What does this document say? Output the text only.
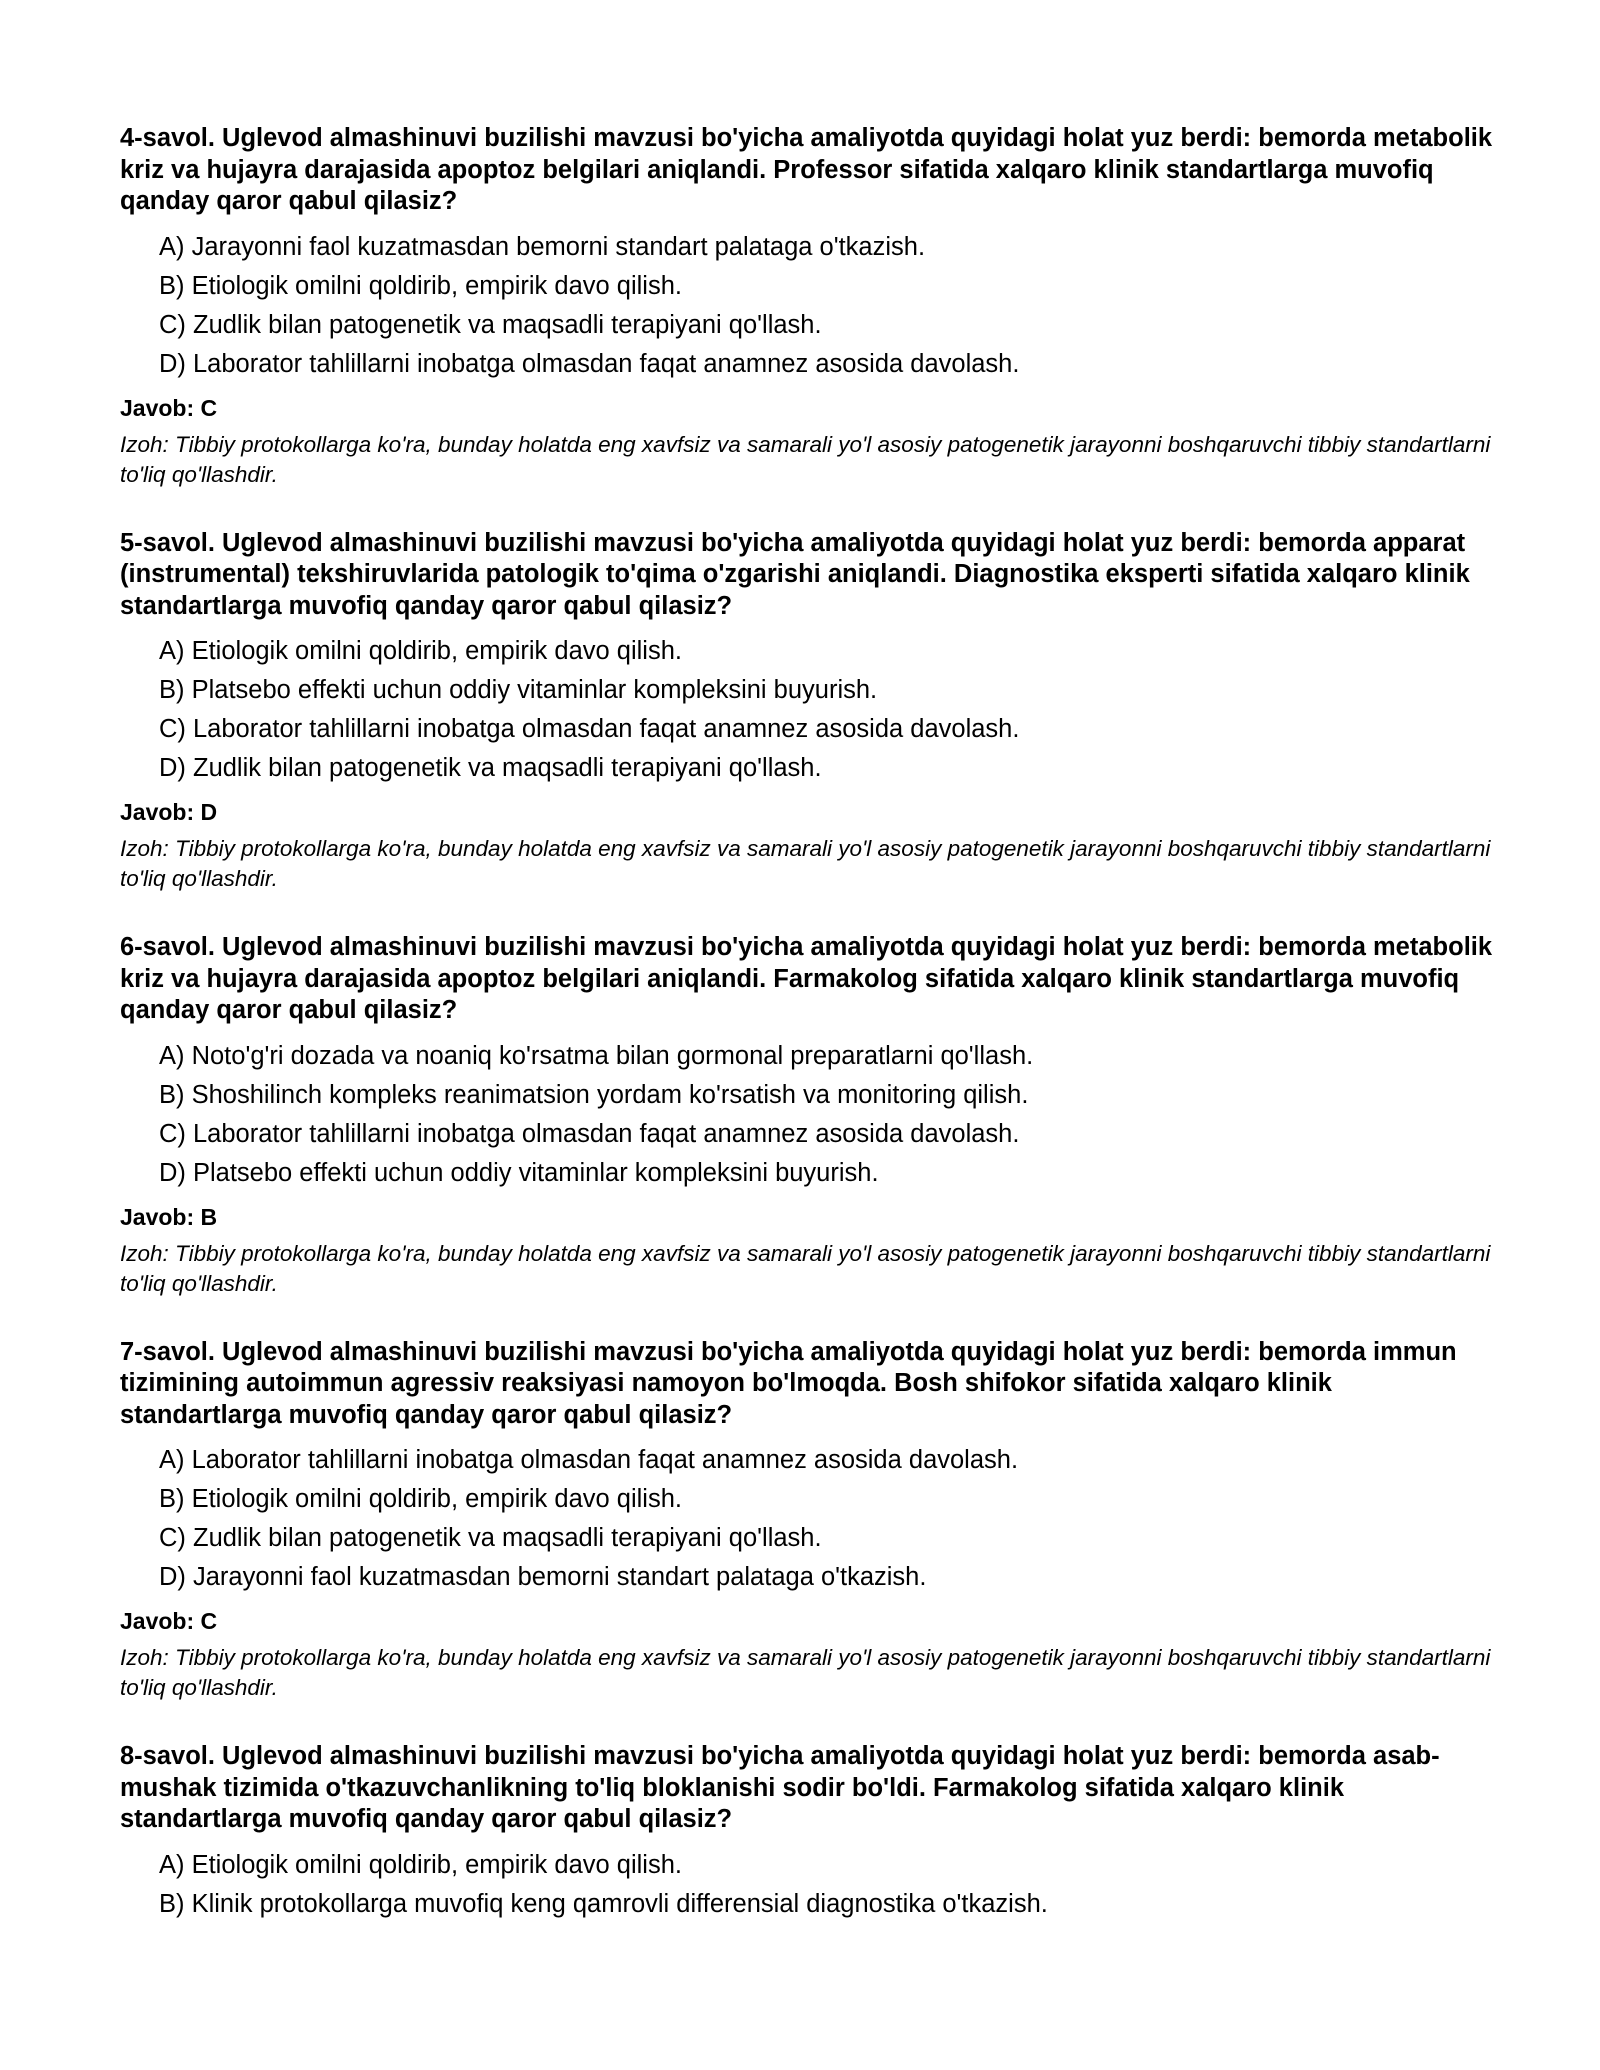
4-savol. Uglevod almashinuvi buzilishi mavzusi bo'yicha amaliyotda quyidagi holat yuz berdi: bemorda metabolik kriz va hujayra darajasida apoptoz belgilari aniqlandi. Professor sifatida xalqaro klinik standartlarga muvofiq qanday qaror qabul qilasiz?
A) Jarayonni faol kuzatmasdan bemorni standart palataga o'tkazish.
B) Etiologik omilni qoldirib, empirik davo qilish.
C) Zudlik bilan patogenetik va maqsadli terapiyani qo'llash.
D) Laborator tahlillarni inobatga olmasdan faqat anamnez asosida davolash.
Javob: C
Izoh: Tibbiy protokollarga ko'ra, bunday holatda eng xavfsiz va samarali yo'l asosiy patogenetik jarayonni boshqaruvchi tibbiy standartlarni to'liq qo'llashdir.
5-savol. Uglevod almashinuvi buzilishi mavzusi bo'yicha amaliyotda quyidagi holat yuz berdi: bemorda apparat (instrumental) tekshiruvlarida patologik to'qima o'zgarishi aniqlandi. Diagnostika eksperti sifatida xalqaro klinik standartlarga muvofiq qanday qaror qabul qilasiz?
A) Etiologik omilni qoldirib, empirik davo qilish.
B) Platsebo effekti uchun oddiy vitaminlar kompleksini buyurish.
C) Laborator tahlillarni inobatga olmasdan faqat anamnez asosida davolash.
D) Zudlik bilan patogenetik va maqsadli terapiyani qo'llash.
Javob: D
Izoh: Tibbiy protokollarga ko'ra, bunday holatda eng xavfsiz va samarali yo'l asosiy patogenetik jarayonni boshqaruvchi tibbiy standartlarni to'liq qo'llashdir.
6-savol. Uglevod almashinuvi buzilishi mavzusi bo'yicha amaliyotda quyidagi holat yuz berdi: bemorda metabolik kriz va hujayra darajasida apoptoz belgilari aniqlandi. Farmakolog sifatida xalqaro klinik standartlarga muvofiq qanday qaror qabul qilasiz?
A) Noto'g'ri dozada va noaniq ko'rsatma bilan gormonal preparatlarni qo'llash.
B) Shoshilinch kompleks reanimatsion yordam ko'rsatish va monitoring qilish.
C) Laborator tahlillarni inobatga olmasdan faqat anamnez asosida davolash.
D) Platsebo effekti uchun oddiy vitaminlar kompleksini buyurish.
Javob: B
Izoh: Tibbiy protokollarga ko'ra, bunday holatda eng xavfsiz va samarali yo'l asosiy patogenetik jarayonni boshqaruvchi tibbiy standartlarni to'liq qo'llashdir.
7-savol. Uglevod almashinuvi buzilishi mavzusi bo'yicha amaliyotda quyidagi holat yuz berdi: bemorda immun tizimining autoimmun agressiv reaksiyasi namoyon bo'lmoqda. Bosh shifokor sifatida xalqaro klinik standartlarga muvofiq qanday qaror qabul qilasiz?
A) Laborator tahlillarni inobatga olmasdan faqat anamnez asosida davolash.
B) Etiologik omilni qoldirib, empirik davo qilish.
C) Zudlik bilan patogenetik va maqsadli terapiyani qo'llash.
D) Jarayonni faol kuzatmasdan bemorni standart palataga o'tkazish.
Javob: C
Izoh: Tibbiy protokollarga ko'ra, bunday holatda eng xavfsiz va samarali yo'l asosiy patogenetik jarayonni boshqaruvchi tibbiy standartlarni to'liq qo'llashdir.
8-savol. Uglevod almashinuvi buzilishi mavzusi bo'yicha amaliyotda quyidagi holat yuz berdi: bemorda asab-mushak tizimida o'tkazuvchanlikning to'liq bloklanishi sodir bo'ldi. Farmakolog sifatida xalqaro klinik standartlarga muvofiq qanday qaror qabul qilasiz?
A) Etiologik omilni qoldirib, empirik davo qilish.
B) Klinik protokollarga muvofiq keng qamrovli differensial diagnostika o'tkazish.
